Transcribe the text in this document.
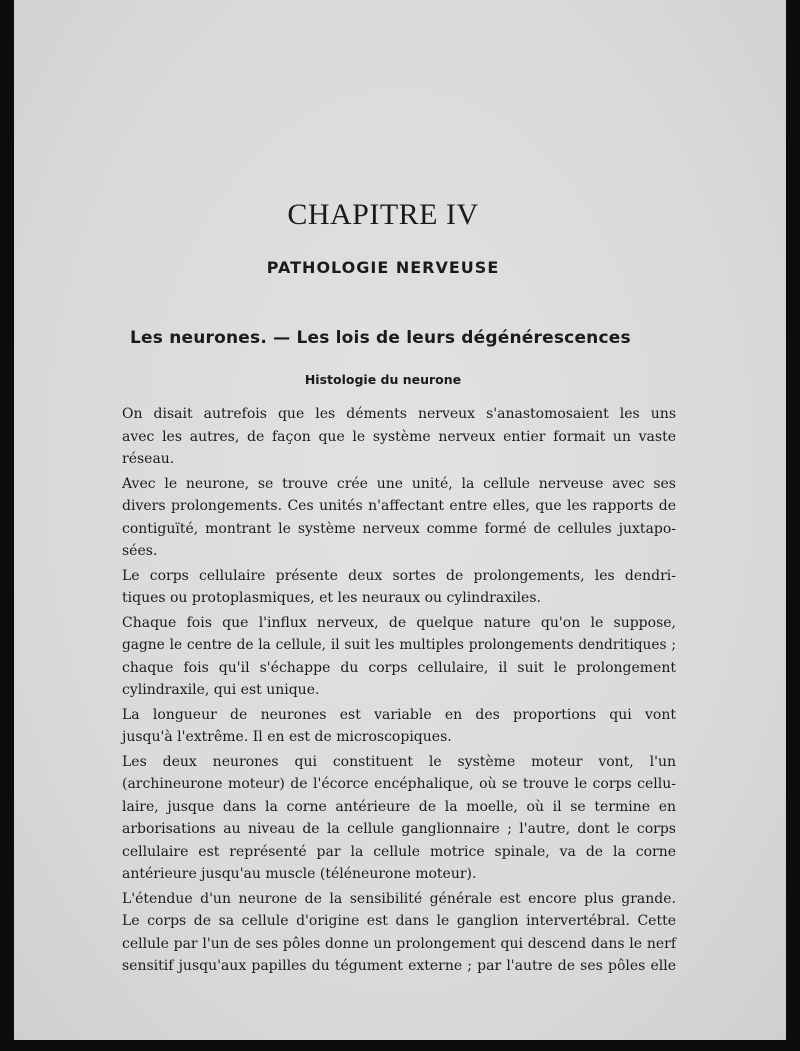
CHAPITRE IV
PATHOLOGIE NERVEUSE
Les neurones. — Les lois de leurs dégénérescences
Histologie du neurone

On disait autrefois que les déments nerveux s'anastomosaient les uns
avec les autres, de façon que le système nerveux entier formait un vaste
réseau.

Avec le neurone, se trouve crée une unité, la cellule nerveuse avec ses
divers prolongements. Ces unités n'affectant entre elles, que les rapports de
contiguïté, montrant le système nerveux comme formé de cellules juxtapo-
sées.

Le corps cellulaire présente deux sortes de prolongements, les dendri-
tiques ou protoplasmiques, et les neuraux ou cylindraxiles.

Chaque fois que l'influx nerveux, de quelque nature qu'on le suppose,
gagne le centre de la cellule, il suit les multiples prolongements dendritiques ;
chaque fois qu'il s'échappe du corps cellulaire, il suit le prolongement
cylindraxile, qui est unique.

La longueur de neurones est variable en des proportions qui vont
jusqu'à l'extrême. Il en est de microscopiques.

Les deux neurones qui constituent le système moteur vont, l'un
(archineurone moteur) de l'écorce encéphalique, où se trouve le corps cellu-
laire, jusque dans la corne antérieure de la moelle, où il se termine en
arborisations au niveau de la cellule ganglionnaire ; l'autre, dont le corps
cellulaire est représenté par la cellule motrice spinale, va de la corne
antérieure jusqu'au muscle (téléneurone moteur).

L'étendue d'un neurone de la sensibilité générale est encore plus grande.
Le corps de sa cellule d'origine est dans le ganglion intervertébral. Cette
cellule par l'un de ses pôles donne un prolongement qui descend dans le nerf
sensitif jusqu'aux papilles du tégument externe ; par l'autre de ses pôles elle
